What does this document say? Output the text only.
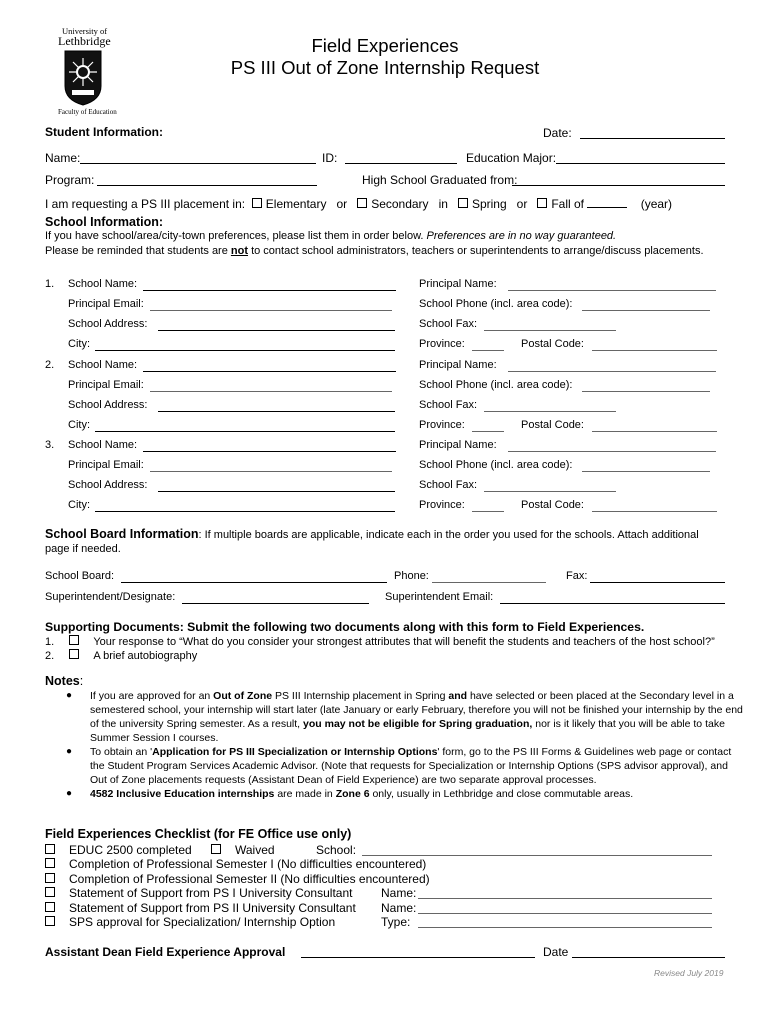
University of
Lethbridge
Faculty of Education
Field Experiences
PS III Out of Zone Internship Request
Student Information:	Date:
Name:	ID:	Education Major:
Program:	High School Graduated from:
I am requesting a PS III placement in: Elementary or Secondary in Spring or Fall of	(year)
School Information:
If you have school/area/city-town preferences, please list them in order below. Preferences are in no way guaranteed.
Please be reminded that students are not to contact school administrators, teachers or superintendents to arrange/discuss placements.
1. School Name:	Principal Name:
Principal Email:	School Phone (incl. area code):
School Address:	School Fax:
City:	Province:	Postal Code:
2. School Name:	Principal Name:
Principal Email:	School Phone (incl. area code):
School Address:	School Fax:
City:	Province:	Postal Code:
3. School Name:	Principal Name:
Principal Email:	School Phone (incl. area code):
School Address:	School Fax:
City:	Province:	Postal Code:
School Board Information: If multiple boards are applicable, indicate each in the order you used for the schools. Attach additional
page if needed.
School Board:	Phone:	Fax:
Superintendent/Designate:	Superintendent Email:
Supporting Documents: Submit the following two documents along with this form to Field Experiences.
1.	Your response to “What do you consider your strongest attributes that will benefit the students and teachers of the host school?”
2.	A brief autobiography
Notes:
● If you are approved for an Out of Zone PS III Internship placement in Spring and have selected or been placed at the Secondary level in a semestered school, your internship will start later (late January or early February, therefore you will not be finished your internship by the end of the university Spring semester. As a result, you may not be eligible for Spring graduation, nor is it likely that you will be able to take Summer Session I courses.
● To obtain an 'Application for PS III Specialization or Internship Options' form, go to the PS III Forms & Guidelines web page or contact the Student Program Services Academic Advisor. (Note that requests for Specialization or Internship Options (SPS advisor approval), and Out of Zone placements requests (Assistant Dean of Field Experience) are two separate approval processes.
● 4582 Inclusive Education internships are made in Zone 6 only, usually in Lethbridge and close commutable areas.
Field Experiences Checklist (for FE Office use only)
EDUC 2500 completed	Waived	School:
Completion of Professional Semester I (No difficulties encountered)
Completion of Professional Semester II (No difficulties encountered)
Statement of Support from PS I University Consultant Name:
Statement of Support from PS II University Consultant Name:
SPS approval for Specialization/ Internship Option	Type:
Assistant Dean Field Experience Approval	Date
Revised July 2019
